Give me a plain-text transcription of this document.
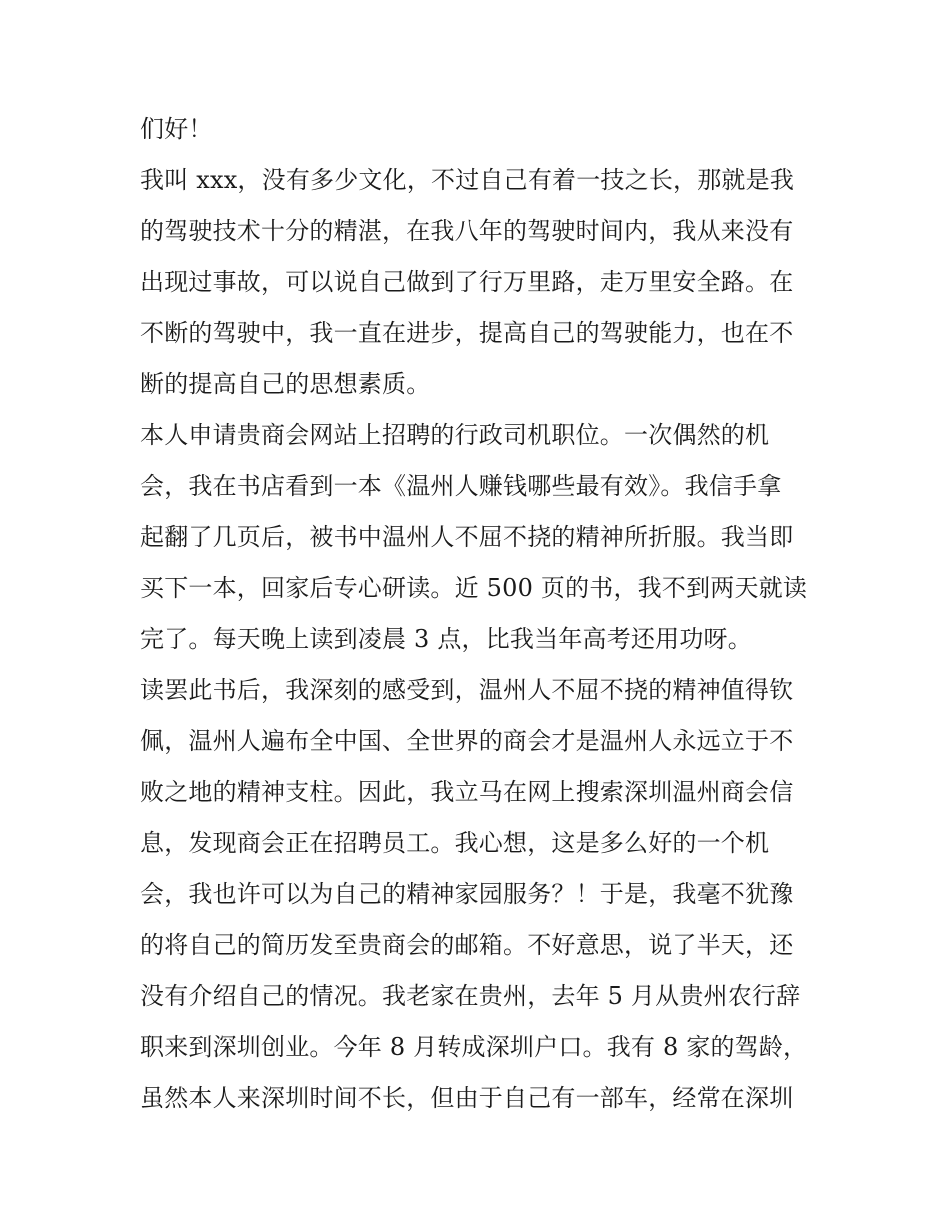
们好！
我叫 xxx，没有多少文化，不过自己有着一技之长，那就是我
的驾驶技术十分的精湛，在我八年的驾驶时间内，我从来没有
出现过事故，可以说自己做到了行万里路，走万里安全路。在
不断的驾驶中，我一直在进步，提高自己的驾驶能力，也在不
断的提高自己的思想素质。
本人申请贵商会网站上招聘的行政司机职位。一次偶然的机
会，我在书店看到一本《温州人赚钱哪些最有效》。我信手拿
起翻了几页后，被书中温州人不屈不挠的精神所折服。我当即
买下一本，回家后专心研读。近 500 页的书，我不到两天就读
完了。每天晚上读到凌晨 3 点，比我当年高考还用功呀。
读罢此书后，我深刻的感受到，温州人不屈不挠的精神值得钦
佩，温州人遍布全中国、全世界的商会才是温州人永远立于不
败之地的精神支柱。因此，我立马在网上搜索深圳温州商会信
息，发现商会正在招聘员工。我心想，这是多么好的一个机
会，我也许可以为自己的精神家园服务？！于是，我毫不犹豫
的将自己的简历发至贵商会的邮箱。不好意思，说了半天，还
没有介绍自己的情况。我老家在贵州，去年 5 月从贵州农行辞
职来到深圳创业。今年 8 月转成深圳户口。我有 8 家的驾龄，
虽然本人来深圳时间不长，但由于自己有一部车，经常在深圳
